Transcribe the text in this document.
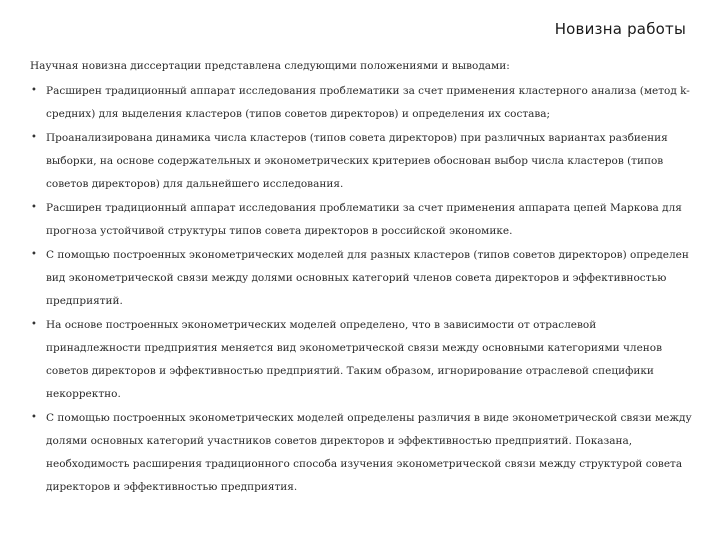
Новизна работы

Научная новизна диссертации представлена следующими положениями и выводами:

• Расширен традиционный аппарат исследования проблематики за счет применения кластерного анализа (метод k-средних) для выделения кластеров (типов советов директоров) и определения их состава;
• Проанализирована динамика числа кластеров (типов совета директоров) при различных вариантах разбиения выборки, на основе содержательных и эконометрических критериев обоснован выбор числа кластеров (типов советов директоров) для дальнейшего исследования.
• Расширен традиционный аппарат исследования проблематики за счет применения аппарата цепей Маркова для прогноза устойчивой структуры типов совета директоров в российской экономике.
• С помощью построенных эконометрических моделей для разных кластеров (типов советов директоров) определен вид эконометрической связи между долями основных категорий членов совета директоров и эффективностью предприятий.
• На основе построенных эконометрических моделей определено, что в зависимости от отраслевой принадлежности предприятия меняется вид эконометрической связи между основными категориями членов советов директоров и эффективностью предприятий. Таким образом, игнорирование отраслевой специфики некорректно.
• С помощью построенных эконометрических моделей определены различия в виде эконометрической связи между долями основных категорий участников советов директоров и эффективностью предприятий. Показана, необходимость расширения традиционного способа изучения эконометрической связи между структурой совета директоров и эффективностью предприятия.
